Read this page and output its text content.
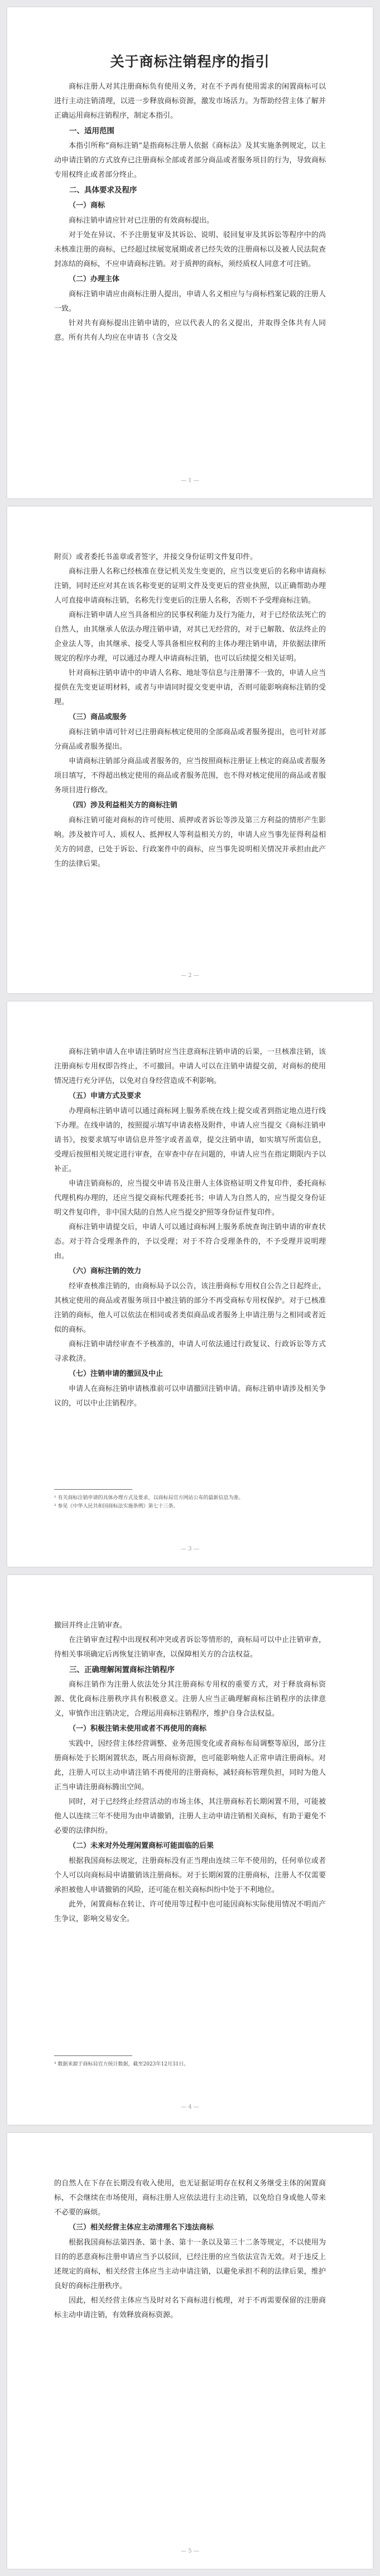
关于商标注销程序的指引

商标注册人对其注册商标负有使用义务，对在不予再有使用需求的闲置商标可以进行主动注销清理，以进一步释放商标资源，激发市场活力。为帮助经营主体了解并正确运用商标注销程序，制定本指引。

一、适用范围

本指引所称“商标注销”是指商标注册人依据《商标法》及其实施条例规定，以主动申请注销的方式放弃已注册商标全部或者部分商品或者服务项目的行为，导致商标专用权终止或者部分终止。

二、具体要求及程序

（一）商标

商标注销申请应针对已注册的有效商标提出。

对于处在异议、不予注册复审及其诉讼、说明、驳回复审及其诉讼等程序中的尚未核准注册的商标，已经超过续展宽展期或者已经失效的注册商标以及被人民法院查封冻结的商标，不应申请商标注销。对于质押的商标，须经质权人同意才可注销。

（二）办理主体

商标注销申请应由商标注册人提出，申请人名义相应与与商标档案记载的注册人一致。

针对共有商标提出注销申请的，应以代表人的名义提出，并取得全体共有人同意。所有共有人均应在申请书（含交及

— 1 —

附页）或者委托书盖章或者签字，并接交身份证明文件复印件。

商标注册人名称已经核准在登记机关发生变更的，应当以变更后的名称申请商标注销，同时还应对其在该名称变更的证明文件及变更后的营业执照，以正确帮助办理人可直接申请商标注销，名称先行变更后的注册人名称，否则不予受理商标注销。

商标注销申请人应当具备相应的民事权利能力及行为能力，对于已经依法死亡的自然人，由其继承人依法办理注销申请，对其已无经营的，对于已解散、依法终止的企业法人等，由其继承、接受人等具备相应权利的主体办理注销申请，并依据法律所规定的程序办理，可以通过办理人申请商标注销，也可以后续提交相关证明。

针对商标注销申请中的申请人名称、地址等信息与注册簿不一致的，申请人应当提供在先变更证明材料，或者与申请同时提交变更申请，否则可能影响商标注销的受理。

（三）商品或服务

商标注销申请可针对已注册商标核定使用的全部商品或者服务提出，也可针对部分商品或者服务提出。

申请商标注销部分商品或者服务的，应当按照商标注册证上核定的商品或者服务项目填写，不得超出核定使用的商品或者服务范围，也不得对核定使用的商品或者服务项目进行修改。

（四）涉及利益相关方的商标注销

商标注销可能对商标的许可使用、质押或者诉讼等涉及第三方利益的情形产生影响。涉及被许可人、质权人、抵押权人等利益相关方的，申请人应当事先征得利益相关方的同意，已处于诉讼、行政案件中的商标，应当事先说明相关情况并承担由此产生的法律后果。

— 2 —

商标注销申请人在申请注销时应当注意商标注销申请的后果，一旦核准注销，该注册商标专用权即告终止，不可撤回。申请人可以在注销申请提交前，对商标的使用情况进行充分评估，以免对自身经营造成不利影响。

（五）申请方式及要求

办理商标注销申请可以通过商标网上服务系统在线上提交或者到指定地点进行线下办理。在线申请的，按照提示填写申请表格及附件，申请人应当提交《商标注销申请书》，按要求填写申请信息并签字或者盖章，提交注销申请，如实填写所需信息，受理后按照相关规定进行审查，在审查中存在问题的，申请人应当在指定期限内予以补正。

申请注销商标的，应当提交申请书及注册人主体资格证明文件复印件，委托商标代理机构办理的，还应当提交商标代理委托书；申请人为自然人的，应当提交身份证明文件复印件，非中国大陆的自然人应当提交护照等身份证件复印件。

商标注销申请提交后，申请人可以通过商标网上服务系统查询注销申请的审查状态。对于符合受理条件的，予以受理；对于不符合受理条件的，不予受理并说明理由。

（六）商标注销的效力

经审查核准注销的，由商标局予以公告，该注册商标专用权自公告之日起终止，其核定使用的商品或者服务项目中被注销的部分不再受商标专用权保护。对于已核准注销的商标，他人可以依法在相同或者类似商品或者服务上申请注册与之相同或者近似的商标。

商标注销申请经审查不予核准的，申请人可依法通过行政复议、行政诉讼等方式寻求救济。

（七）注销申请的撤回及中止

申请人在商标注销申请核准前可以申请撤回注销申请。商标注销申请涉及相关争议的，可以中止注销程序。

¹ 有关商标注销申请的具体办理方式及要求，以商标局官方网站公布的最新信息为准。

² 参见《中华人民共和国商标法实施条例》第七十三条。

— 3 —

撤回并终止注销审查。

在注销审查过程中出现权利冲突或者诉讼等情形的，商标局可以中止注销审查，待相关事项确定后再恢复注销审查，以保障相关方的合法权益。

三、正确理解闲置商标注销程序

商标注销作为注册人依法处分其注册商标专用权的重要方式，对于释放商标资源、优化商标注册秩序具有积极意义。注册人应当正确理解商标注销程序的法律意义，审慎作出注销决定，合理运用商标注销程序，维护自身合法权益。

（一）积极注销未使用或者不再使用的商标

实践中，因经营主体经营调整、业务范围变化或者商标布局调整等原因，部分注册商标处于长期闲置状态，既占用商标资源，也可能影响他人正常申请注册商标。对此，注册人可以主动申请注销不再使用的注册商标，减轻商标管理负担，同时为他人正当申请注册商标腾出空间。

同时，对于已经终止经营活动的市场主体，其注册商标若长期闲置不用，可能被他人以连续三年不使用为由申请撤销，注册人主动申请注销相关商标，有助于避免不必要的法律纠纷。

（二）未来对外处理闲置商标可能面临的后果

根据我国商标法规定，注册商标没有正当理由连续三年不使用的，任何单位或者个人可以向商标局申请撤销该注册商标。对于长期闲置的注册商标，注册人不仅需要承担被他人申请撤销的风险，还可能在相关商标纠纷中处于不利地位。

此外，闲置商标在转让、许可使用等过程中也可能因商标实际使用情况不明而产生争议，影响交易安全。

³ 数据来源于商标局官方统计数据，截至2023年12月31日。

— 4 —

的自然人在下存在长期没有收入使用，也无证据证明存在权利义务继受主体的闲置商标，不会继续在市场使用，商标注册人应依法进行主动注销，以免给自身或他人带来不必要的麻烦。

（三）相关经营主体应主动清理名下违法商标

根据我国商标法第四条、第十条、第十一条以及第三十二条等规定，不以使用为目的的恶意商标注册申请应当予以驳回，已经注册的应当依法宣告无效。对于违反上述规定的商标，相关经营主体应当主动申请注销，以避免承担不利的法律后果，维护良好的商标注册秩序。

因此，相关经营主体应当及时对名下商标进行梳理，对于不再需要保留的注册商标主动申请注销，有效释放商标资源。

— 5 —
